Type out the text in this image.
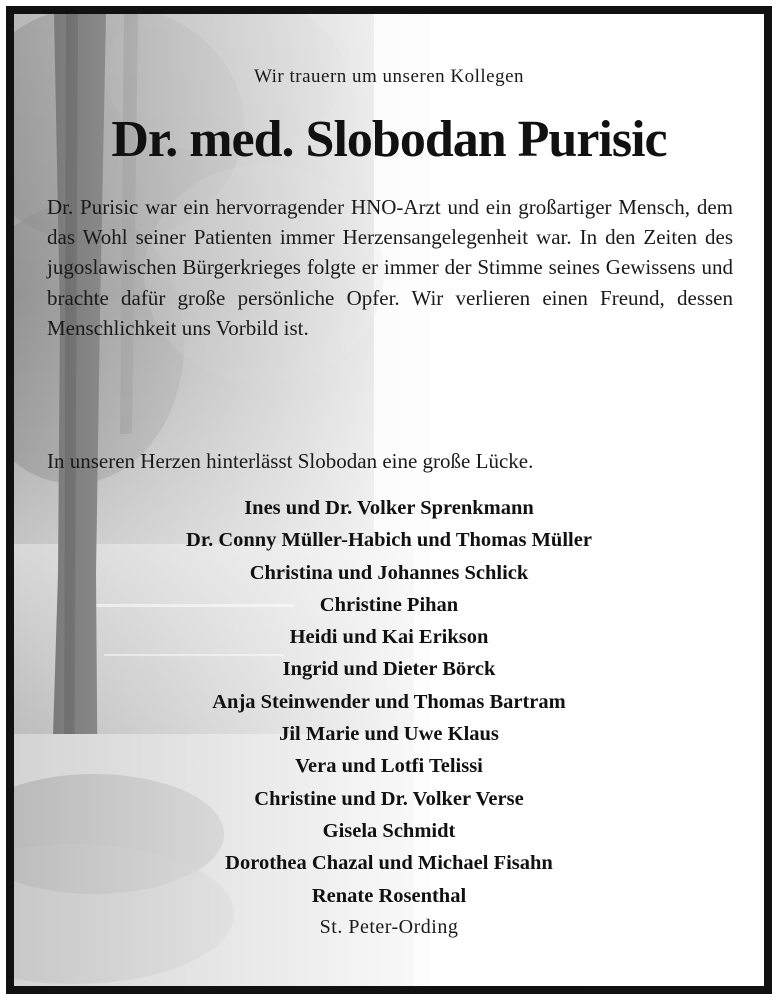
Wir trauern um unseren Kollegen
Dr. med. Slobodan Purisic

Dr. Purisic war ein hervorragender HNO-Arzt und ein großartiger Mensch, dem das Wohl seiner Patienten immer Herzensangelegenheit war. In den Zeiten des jugoslawischen Bürgerkrieges folgte er immer der Stimme seines Gewissens und brachte dafür große persönliche Opfer. Wir verlieren einen Freund, dessen Menschlichkeit uns Vorbild ist.

In unseren Herzen hinterlässt Slobodan eine große Lücke.

Ines und Dr. Volker Sprenkmann
Dr. Conny Müller-Habich und Thomas Müller
Christina und Johannes Schlick
Christine Pihan
Heidi und Kai Erikson
Ingrid und Dieter Börck
Anja Steinwender und Thomas Bartram
Jil Marie und Uwe Klaus
Vera und Lotfi Telissi
Christine und Dr. Volker Verse
Gisela Schmidt
Dorothea Chazal und Michael Fisahn
Renate Rosenthal
St. Peter-Ording
